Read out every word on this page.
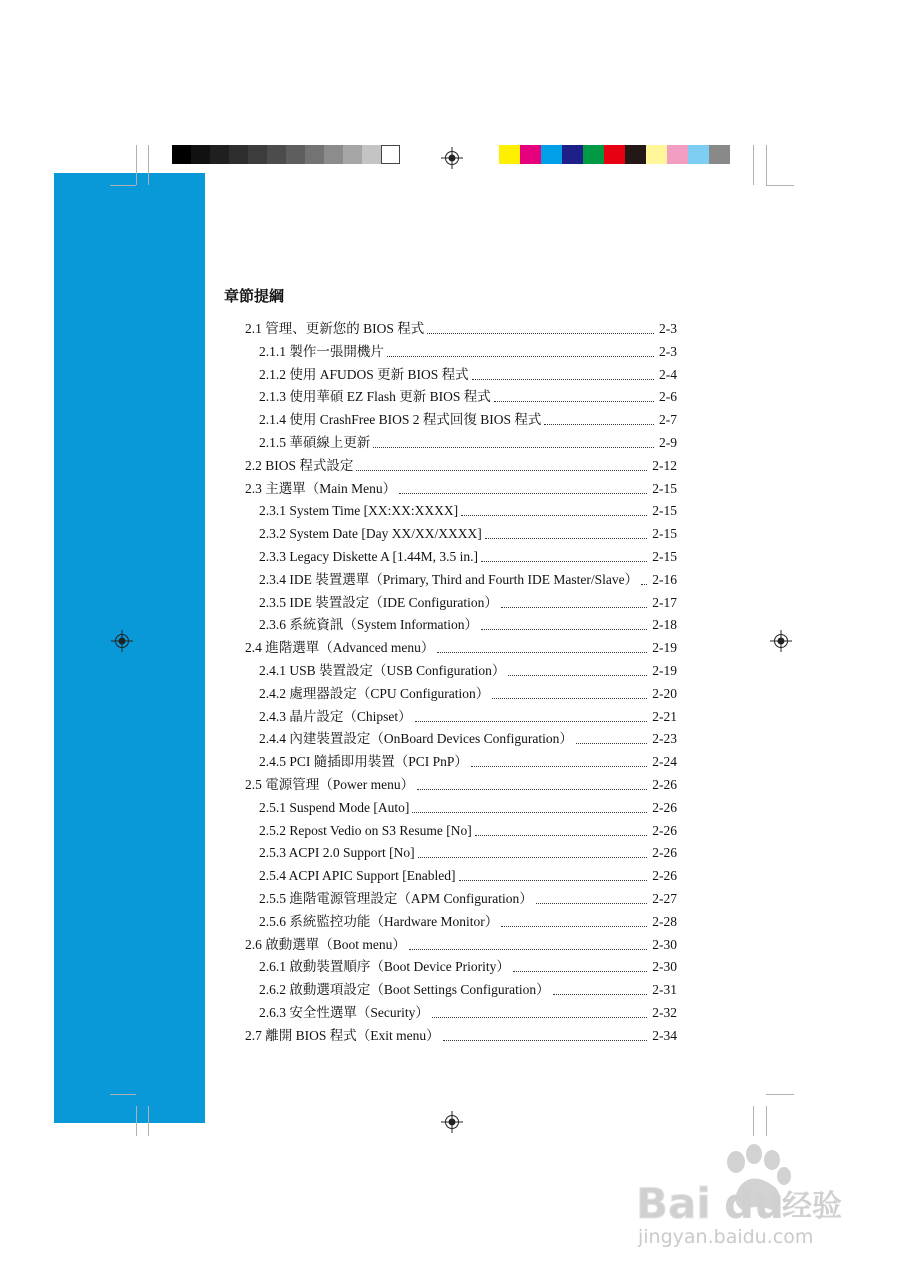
章節提綱
2.1 管理、更新您的 BIOS 程式	2-3
2.1.1 製作一張開機片	2-3
2.1.2 使用 AFUDOS 更新 BIOS 程式	2-4
2.1.3 使用華碩 EZ Flash 更新 BIOS 程式	2-6
2.1.4 使用 CrashFree BIOS 2 程式回復 BIOS 程式	2-7
2.1.5 華碩線上更新	2-9
2.2 BIOS 程式設定	2-12
2.3 主選單（Main Menu）	2-15
2.3.1 System Time [XX:XX:XXXX]	2-15
2.3.2 System Date [Day XX/XX/XXXX]	2-15
2.3.3 Legacy Diskette A [1.44M, 3.5 in.]	2-15
2.3.4 IDE 裝置選單（Primary, Third and Fourth IDE Master/Slave） 2-16
2.3.5 IDE 裝置設定（IDE Configuration）	2-17
2.3.6 系統資訊（System Information）	2-18
2.4 進階選單（Advanced menu）	2-19
2.4.1 USB 裝置設定（USB Configuration）	2-19
2.4.2 處理器設定（CPU Configuration）	2-20
2.4.3 晶片設定（Chipset）	2-21
2.4.4 內建裝置設定（OnBoard Devices Configuration）	2-23
2.4.5 PCI 隨插即用裝置（PCI PnP）	2-24
2.5 電源管理（Power menu）	2-26
2.5.1 Suspend Mode [Auto]	2-26
2.5.2 Repost Vedio on S3 Resume [No]	2-26
2.5.3 ACPI 2.0 Support [No]	2-26
2.5.4 ACPI APIC Support [Enabled]	2-26
2.5.5 進階電源管理設定（APM Configuration）	2-27
2.5.6 系統監控功能（Hardware Monitor）	2-28
2.6 啟動選單（Boot menu）	2-30
2.6.1 啟動裝置順序（Boot Device Priority）	2-30
2.6.2 啟動選項設定（Boot Settings Configuration）	2-31
2.6.3 安全性選單（Security）	2-32
2.7 離開 BIOS 程式（Exit menu）	2-34
Bai du
经验
jingyan.baidu.com
